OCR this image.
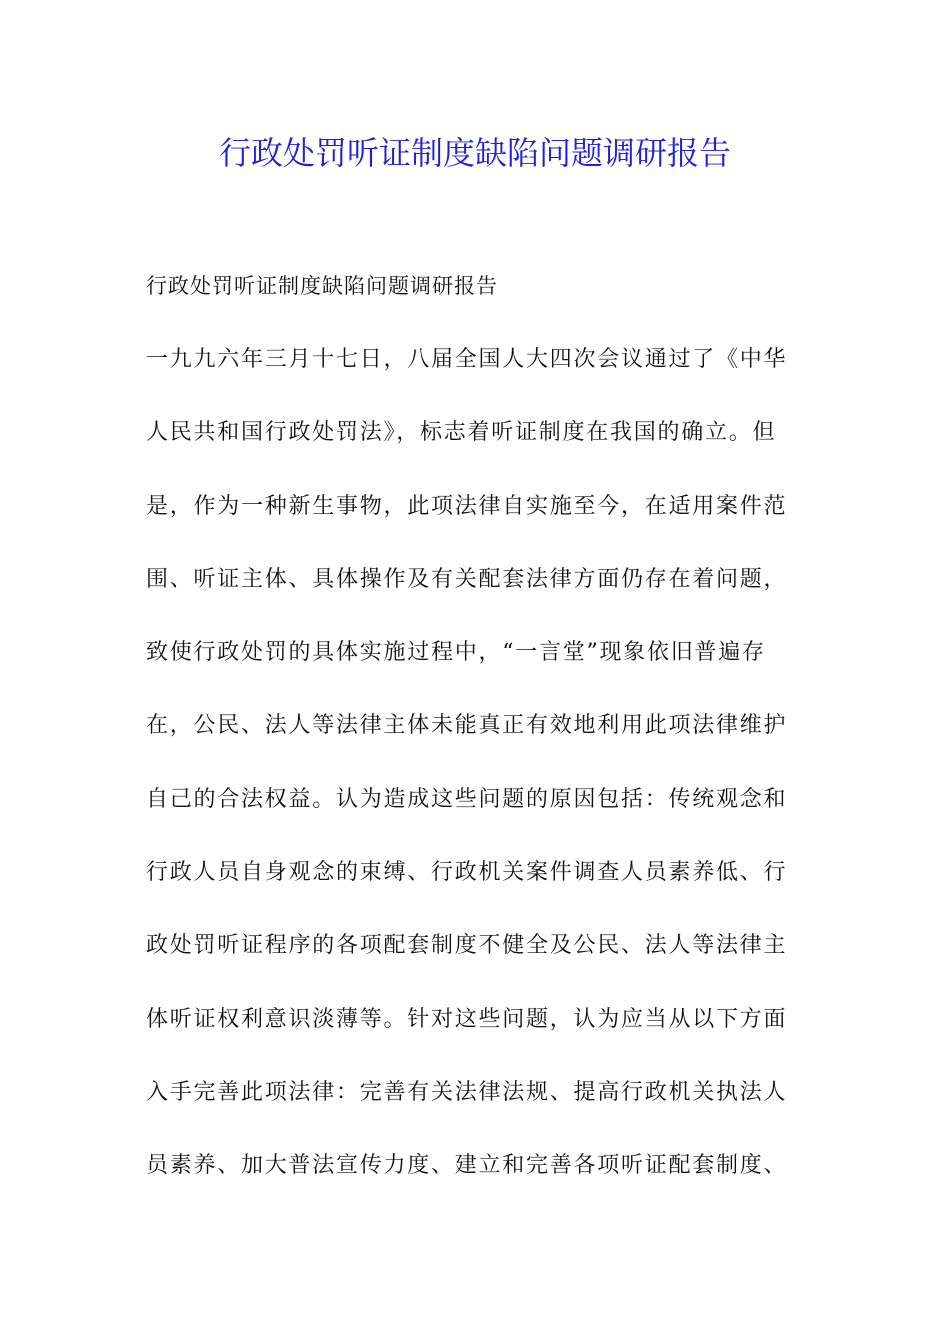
行政处罚听证制度缺陷问题调研报告

行政处罚听证制度缺陷问题调研报告

一九九六年三月十七日，八届全国人大四次会议通过了《中华
人民共和国行政处罚法》，标志着听证制度在我国的确立。但
是，作为一种新生事物，此项法律自实施至今，在适用案件范
围、听证主体、具体操作及有关配套法律方面仍存在着问题，
致使行政处罚的具体实施过程中，“一言堂”现象依旧普遍存
在，公民、法人等法律主体未能真正有效地利用此项法律维护
自己的合法权益。认为造成这些问题的原因包括：传统观念和
行政人员自身观念的束缚、行政机关案件调查人员素养低、行
政处罚听证程序的各项配套制度不健全及公民、法人等法律主
体听证权利意识淡薄等。针对这些问题，认为应当从以下方面
入手完善此项法律：完善有关法律法规、提高行政机关执法人
员素养、加大普法宣传力度、建立和完善各项听证配套制度、
